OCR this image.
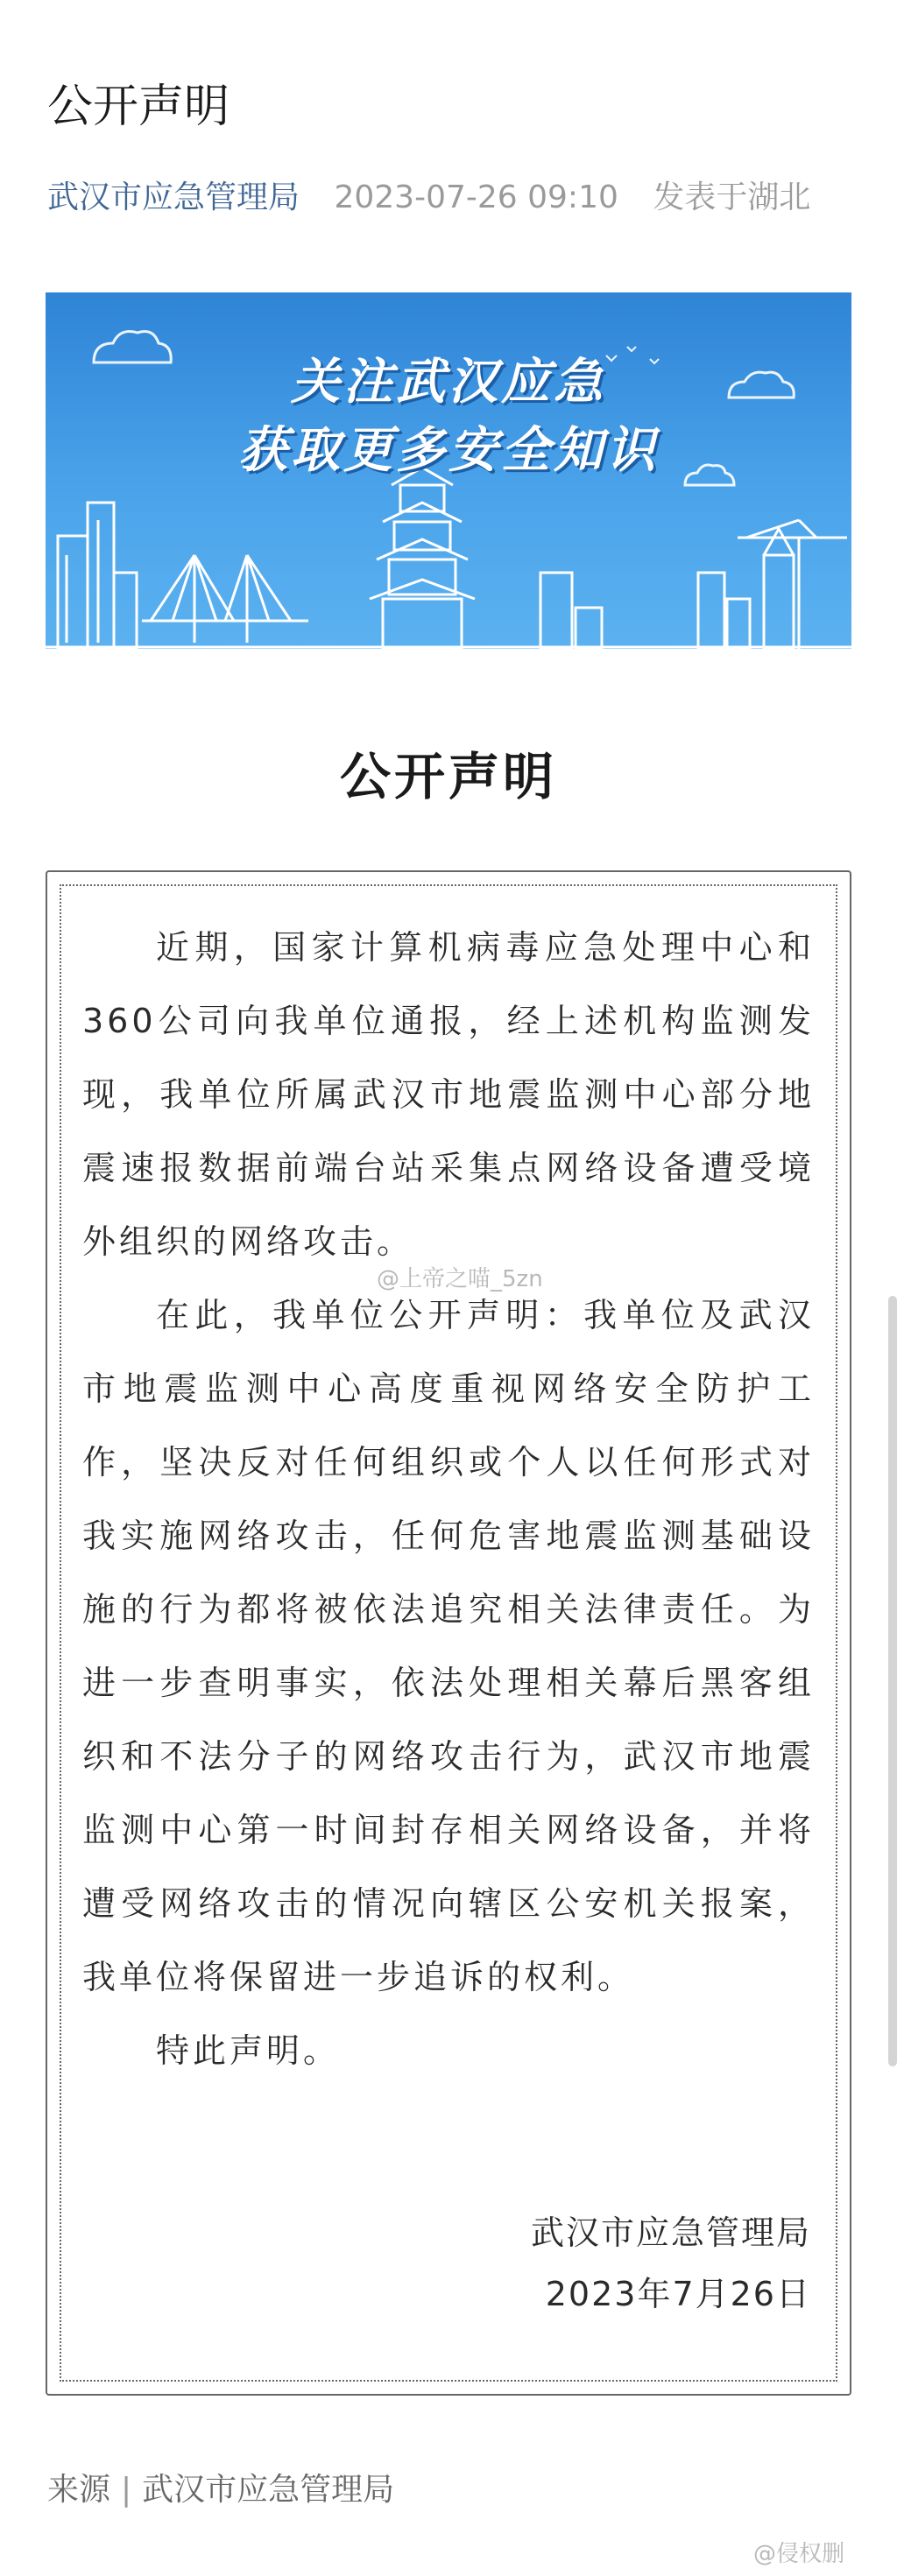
公开声明
武汉市应急管理局 2023-07-26 09:10 发表于湖北
关注武汉应急
获取更多安全知识
公开声明
近期，国家计算机病毒应急处理中心和360公司向我单位通报，经上述机构监测发现，我单位所属武汉市地震监测中心部分地震速报数据前端台站采集点网络设备遭受境外组织的网络攻击。
在此，我单位公开声明：我单位及武汉市地震监测中心高度重视网络安全防护工作，坚决反对任何组织或个人以任何形式对我实施网络攻击，任何危害地震监测基础设施的行为都将被依法追究相关法律责任。为进一步查明事实，依法处理相关幕后黑客组织和不法分子的网络攻击行为，武汉市地震监测中心第一时间封存相关网络设备，并将遭受网络攻击的情况向辖区公安机关报案，我单位将保留进一步追诉的权利。
特此声明。
武汉市应急管理局
2023年7月26日
@上帝之喵_5zn
来源 | 武汉市应急管理局
@侵权删
